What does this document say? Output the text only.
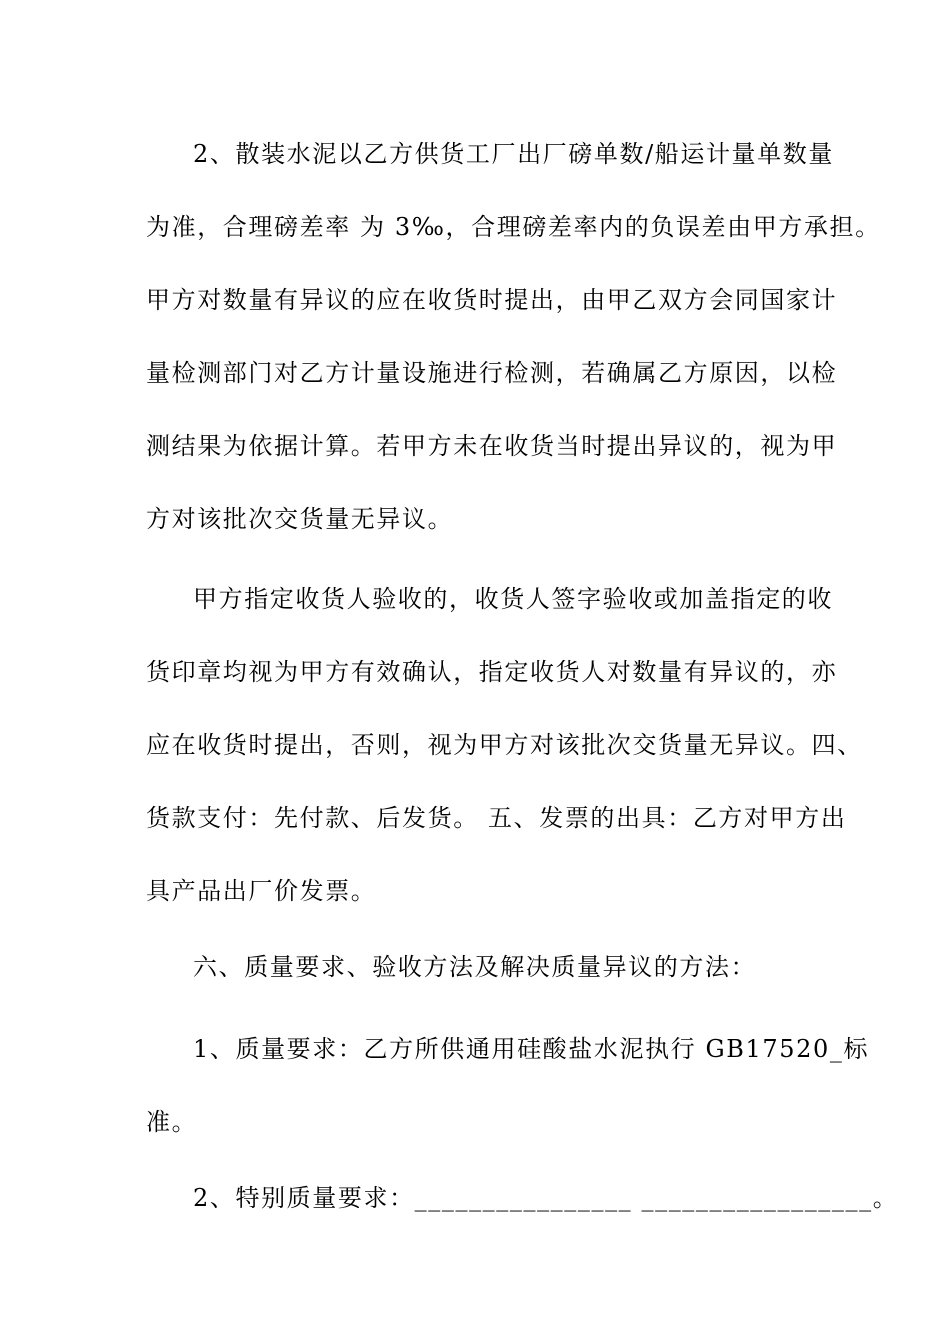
2、散装水泥以乙方供货工厂出厂磅单数/船运计量单数量
为准，合理磅差率 为 3‰，合理磅差率内的负误差由甲方承担。
甲方对数量有异议的应在收货时提出，由甲乙双方会同国家计
量检测部门对乙方计量设施进行检测，若确属乙方原因，以检
测结果为依据计算。若甲方未在收货当时提出异议的，视为甲
方对该批次交货量无异议。
甲方指定收货人验收的，收货人签字验收或加盖指定的收
货印章均视为甲方有效确认，指定收货人对数量有异议的，亦
应在收货时提出，否则，视为甲方对该批次交货量无异议。四、
货款支付：先付款、后发货。 五、发票的出具：乙方对甲方出
具产品出厂价发票。
六、质量要求、验收方法及解决质量异议的方法：
1、质量要求：乙方所供通用硅酸盐水泥执行 GB17520_标
准。
2、特别质量要求：________________ _________________。
